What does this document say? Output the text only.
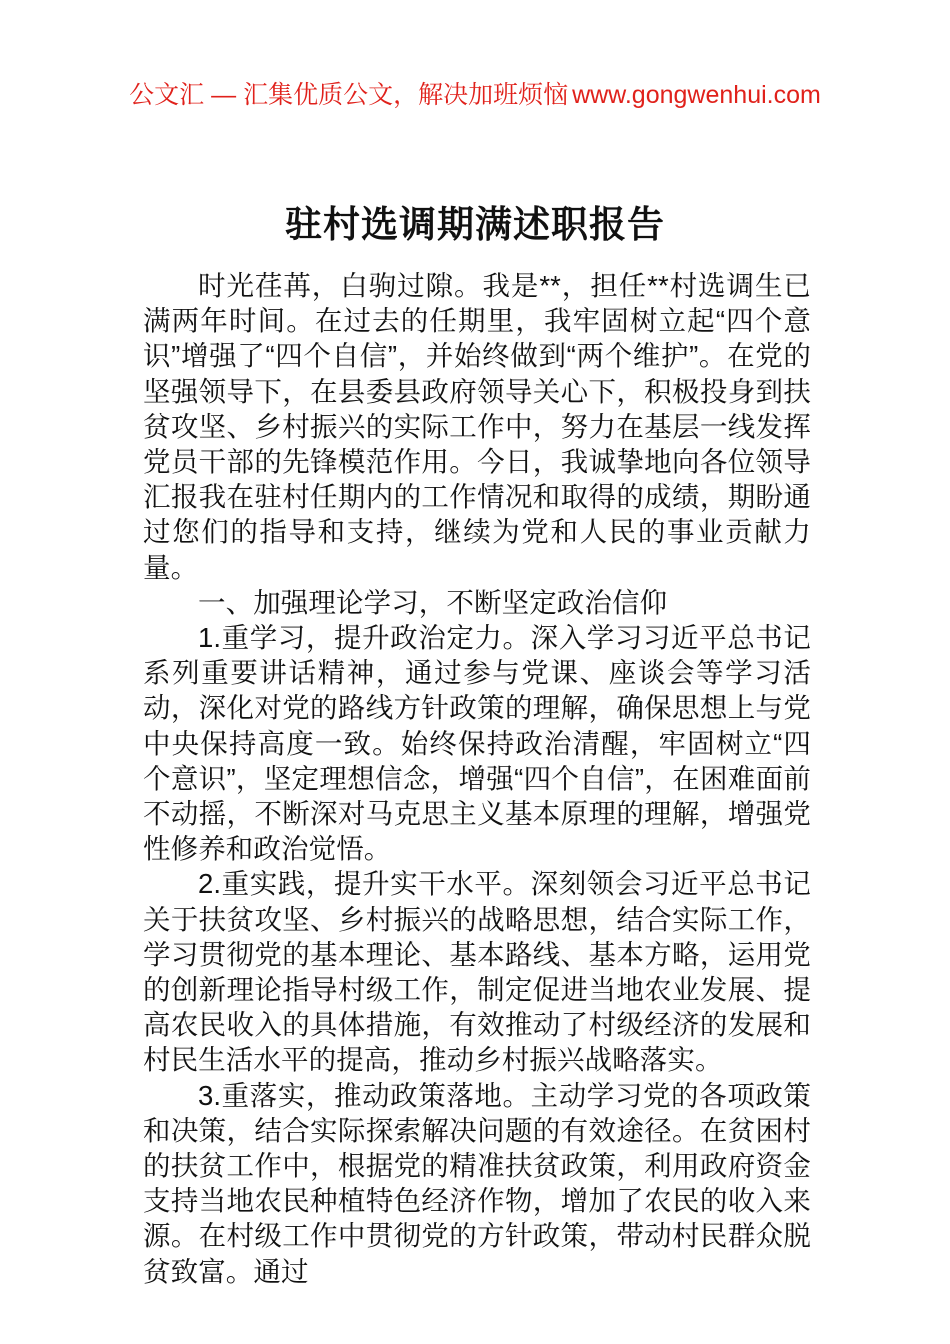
公文汇 — 汇集优质公文，解决加班烦恼 www.gongwenhui.com
驻村选调期满述职报告

时光荏苒，白驹过隙。我是**，担任**村选调生已满两年时间。在过去的任期里，我牢固树立起“四个意识”增强了“四个自信”，并始终做到“两个维护”。在党的坚强领导下，在县委县政府领导关心下，积极投身到扶贫攻坚、乡村振兴的实际工作中，努力在基层一线发挥党员干部的先锋模范作用。今日，我诚挚地向各位领导汇报我在驻村任期内的工作情况和取得的成绩，期盼通过您们的指导和支持，继续为党和人民的事业贡献力量。

一、加强理论学习，不断坚定政治信仰

1.重学习，提升政治定力。深入学习习近平总书记系列重要讲话精神，通过参与党课、座谈会等学习活动，深化对党的路线方针政策的理解，确保思想上与党中央保持高度一致。始终保持政治清醒，牢固树立“四个意识”，坚定理想信念，增强“四个自信”，在困难面前不动摇，不断深对马克思主义基本原理的理解，增强党性修养和政治觉悟。

2.重实践，提升实干水平。深刻领会习近平总书记关于扶贫攻坚、乡村振兴的战略思想，结合实际工作，学习贯彻党的基本理论、基本路线、基本方略，运用党的创新理论指导村级工作，制定促进当地农业发展、提高农民收入的具体措施，有效推动了村级经济的发展和村民生活水平的提高，推动乡村振兴战略落实。

3.重落实，推动政策落地。主动学习党的各项政策和决策，结合实际探索解决问题的有效途径。在贫困村的扶贫工作中，根据党的精准扶贫政策，利用政府资金支持当地农民种植特色经济作物，增加了农民的收入来源。在村级工作中贯彻党的方针政策，带动村民群众脱贫致富。通过
